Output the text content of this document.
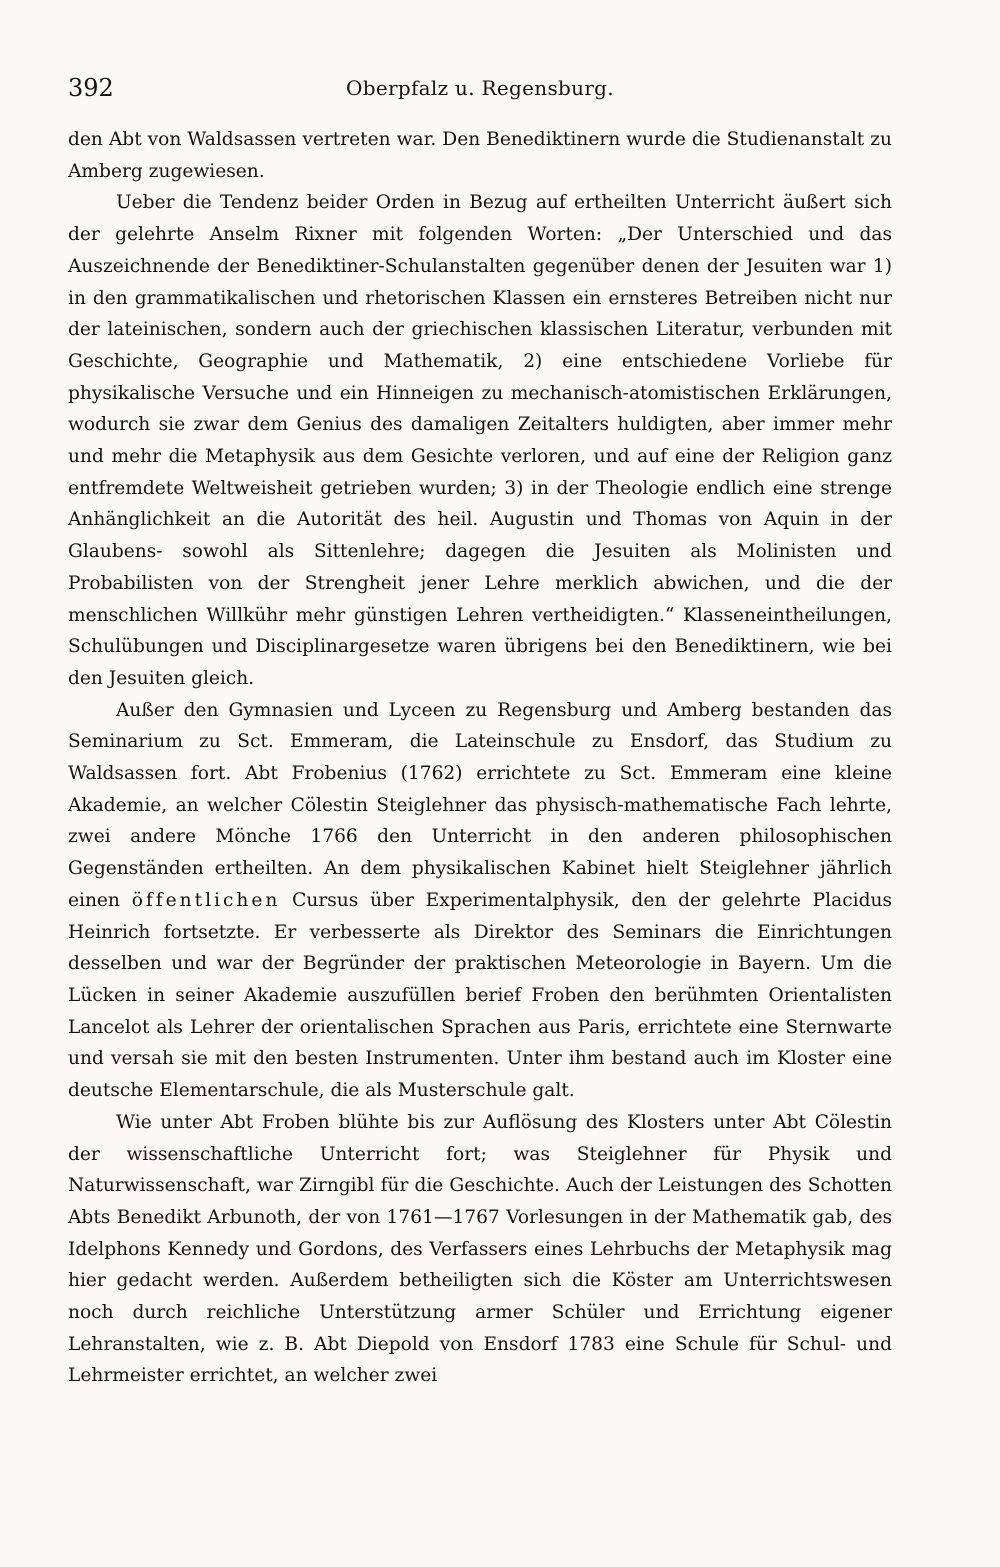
392	Oberpfalz u. Regensburg.

den Abt von Waldsassen vertreten war. Den Benediktinern wurde die Studienanstalt zu Amberg zugewiesen.

Ueber die Tendenz beider Orden in Bezug auf ertheilten Unterricht äußert sich der gelehrte Anselm Rixner mit folgenden Worten: „Der Unterschied und das Auszeichnende der Benediktiner-Schulanstalten gegenüber denen der Jesuiten war 1) in den grammatikalischen und rhetorischen Klassen ein ernsteres Betreiben nicht nur der lateinischen, sondern auch der griechischen klassischen Literatur, verbunden mit Geschichte, Geographie und Mathematik, 2) eine entschiedene Vorliebe für physikalische Versuche und ein Hinneigen zu mechanisch-atomistischen Erklärungen, wodurch sie zwar dem Genius des damaligen Zeitalters huldigten, aber immer mehr und mehr die Metaphysik aus dem Gesichte verloren, und auf eine der Religion ganz entfremdete Weltweisheit getrieben wurden; 3) in der Theologie endlich eine strenge Anhänglichkeit an die Autorität des heil. Augustin und Thomas von Aquin in der Glaubens- sowohl als Sittenlehre; dagegen die Jesuiten als Molinisten und Probabilisten von der Strengheit jener Lehre merklich abwichen, und die der menschlichen Willkühr mehr günstigen Lehren vertheidigten.“ Klasseneintheilungen, Schulübungen und Disciplinargesetze waren übrigens bei den Benediktinern, wie bei den Jesuiten gleich.

Außer den Gymnasien und Lyceen zu Regensburg und Amberg bestanden das Seminarium zu Sct. Emmeram, die Lateinschule zu Ensdorf, das Studium zu Waldsassen fort. Abt Frobenius (1762) errichtete zu Sct. Emmeram eine kleine Akademie, an welcher Cölestin Steiglehner das physisch-mathematische Fach lehrte, zwei andere Mönche 1766 den Unterricht in den anderen philosophischen Gegenständen ertheilten. An dem physikalischen Kabinet hielt Steiglehner jährlich einen öffentlichen Cursus über Experimentalphysik, den der gelehrte Placidus Heinrich fortsetzte. Er verbesserte als Direktor des Seminars die Einrichtungen desselben und war der Begründer der praktischen Meteorologie in Bayern. Um die Lücken in seiner Akademie auszufüllen berief Froben den berühmten Orientalisten Lancelot als Lehrer der orientalischen Sprachen aus Paris, errichtete eine Sternwarte und versah sie mit den besten Instrumenten. Unter ihm bestand auch im Kloster eine deutsche Elementarschule, die als Musterschule galt.

Wie unter Abt Froben blühte bis zur Auflösung des Klosters unter Abt Cölestin der wissenschaftliche Unterricht fort; was Steiglehner für Physik und Naturwissenschaft, war Zirngibl für die Geschichte. Auch der Leistungen des Schotten Abts Benedikt Arbunoth, der von 1761—1767 Vorlesungen in der Mathematik gab, des Idelphons Kennedy und Gordons, des Verfassers eines Lehrbuchs der Metaphysik mag hier gedacht werden. Außerdem betheiligten sich die Köster am Unterrichtswesen noch durch reichliche Unterstützung armer Schüler und Errichtung eigener Lehranstalten, wie z. B. Abt Diepold von Ensdorf 1783 eine Schule für Schul- und Lehrmeister errichtet, an welcher zwei
